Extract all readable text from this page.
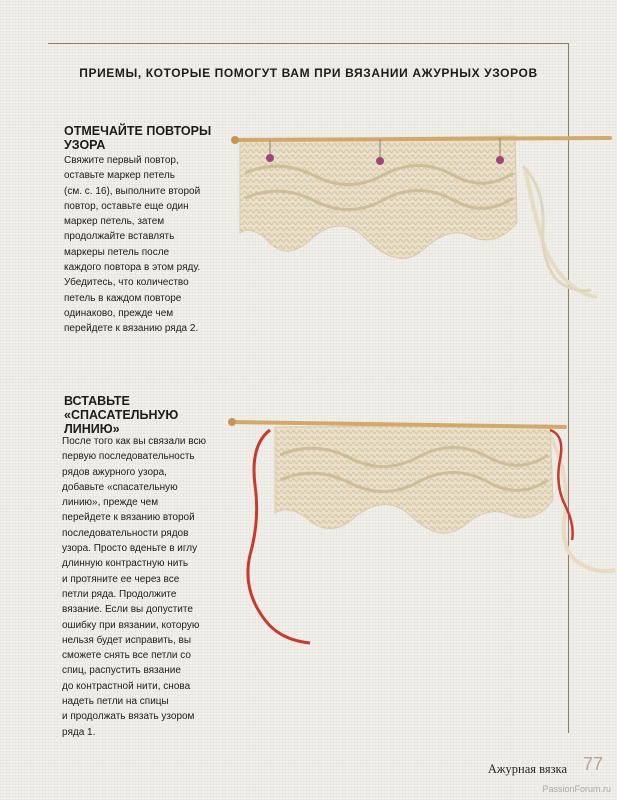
ПРИЕМЫ, КОТОРЫЕ ПОМОГУТ ВАМ ПРИ ВЯЗАНИИ АЖУРНЫХ УЗОРОВ
ОТМЕЧАЙТЕ ПОВТОРЫ
УЗОРА
Свяжите первый повтор,
оставьте маркер петель
(см. с. 16), выполните второй
повтор, оставьте еще один
маркер петель, затем
продолжайте вставлять
маркеры петель после
каждого повтора в этом ряду.
Убедитесь, что количество
петель в каждом повторе
одинаково, прежде чем
перейдете к вязанию ряда 2.
ВСТАВЬТЕ
«СПАСАТЕЛЬНУЮ
ЛИНИЮ»
После того как вы связали всю
первую последовательность
рядов ажурного узора,
добавьте «спасательную
линию», прежде чем
перейдете к вязанию второй
последовательности рядов
узора. Просто вденьте в иглу
длинную контрастную нить
и протяните ее через все
петли ряда. Продолжите
вязание. Если вы допустите
ошибку при вязании, которую
нельзя будет исправить, вы
сможете снять все петли со
спиц, распустить вязание
до контрастной нити, снова
надеть петли на спицы
и продолжать вязать узором
ряда 1.
Ажурная вязка 77
PassionForum.ru
